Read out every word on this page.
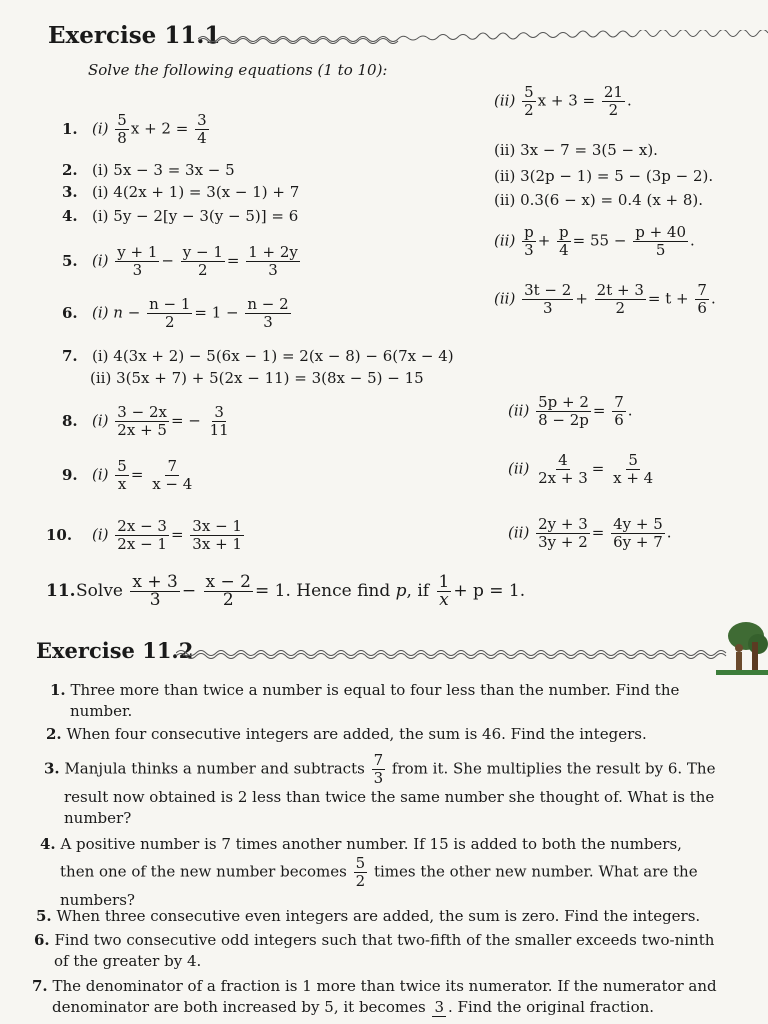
Exercise 11.1
Solve the following equations (1 to 10):
1. $(i) \frac{5}{8}$ $x + 2 = \frac{3}{4}$
$(ii) \frac{5}{2}$ $x + 3 = \frac{21}{2}$ .
2. (i) 5x − 3 = 3x − 5
(ii) 3x − 7 = 3(5 − x).
3. (i) 4(2x + 1) = 3(x − 1) + 7
(ii) 3(2p − 1) = 5 − (3p − 2).
4. (i) 5y − 2[y − 3(y − 5)] = 6
(ii) 0.3(6 − x) = 0.4 (x + 8).
5. $(i) \frac{y + 1}{3} - \frac{y - 1}{2} = \frac{1 + 2y}{3}$
$(ii) \frac{p}{3} + \frac{p}{4} = 55 - \frac{p + 40}{5}$ .
6. (i) $n - \frac{n - 1}{2} = 1 - \frac{n - 2}{3}$	$(ii) \frac{3t - 2}{3} + \frac{2t + 3}{2} = t + \frac{7}{6}$ .
7. (i) 4(3x + 2) − 5(6x − 1) = 2(x − 8) − 6(7x − 4)
(ii) 3(5x + 7) + 5(2x − 11) = 3(8x − 5) − 15
8. $(i) \frac{3 - 2x}{2x + 5}$ = − $\frac{3}{11}$	$(ii) \frac{5p + 2}{8 - 2p} = \frac{7}{6}$ .
9. $(i) \frac{5}{x} = \frac{7}{x - 4}$	$(ii) \frac{4}{2x + 3} = \frac{5}{x + 4}$
10. $(i) \frac{2x - 3}{2x - 1} = \frac{3x - 1}{3x + 1}$	$(ii) \frac{2y + 3}{3y + 2} = \frac{4y + 5}{6y + 7}$ .
11.Solve $\frac{x + 3}{3} - \frac{x - 2}{2} = 1$. Hence find p, if $\frac{1}{x} + p = 1$.
Exercise 11.2
1. Three more than twice a number is equal to four less than the number. Find the
number.
2. When four consecutive integers are added, the sum is 46. Find the integers.
3. Manjula thinks a number and subtracts $\frac{7}{3}$ from it. She multiplies the result by 6. The
result now obtained is 2 less than twice the same number she thought of. What is the
number?
4. A positive number is 7 times another number. If 15 is added to both the numbers,
then one of the new number becomes $\frac{5}{2}$ times the other new number. What are the
numbers?
5. When three consecutive even integers are added, the sum is zero. Find the integers.
6. Find two consecutive odd integers such that two-fifth of the smaller exceeds two-ninth
of the greater by 4.
7. The denominator of a fraction is 1 more than twice its numerator. If the numerator and
denominator are both increased by 5, it becomes 3 . Find the original fraction.
